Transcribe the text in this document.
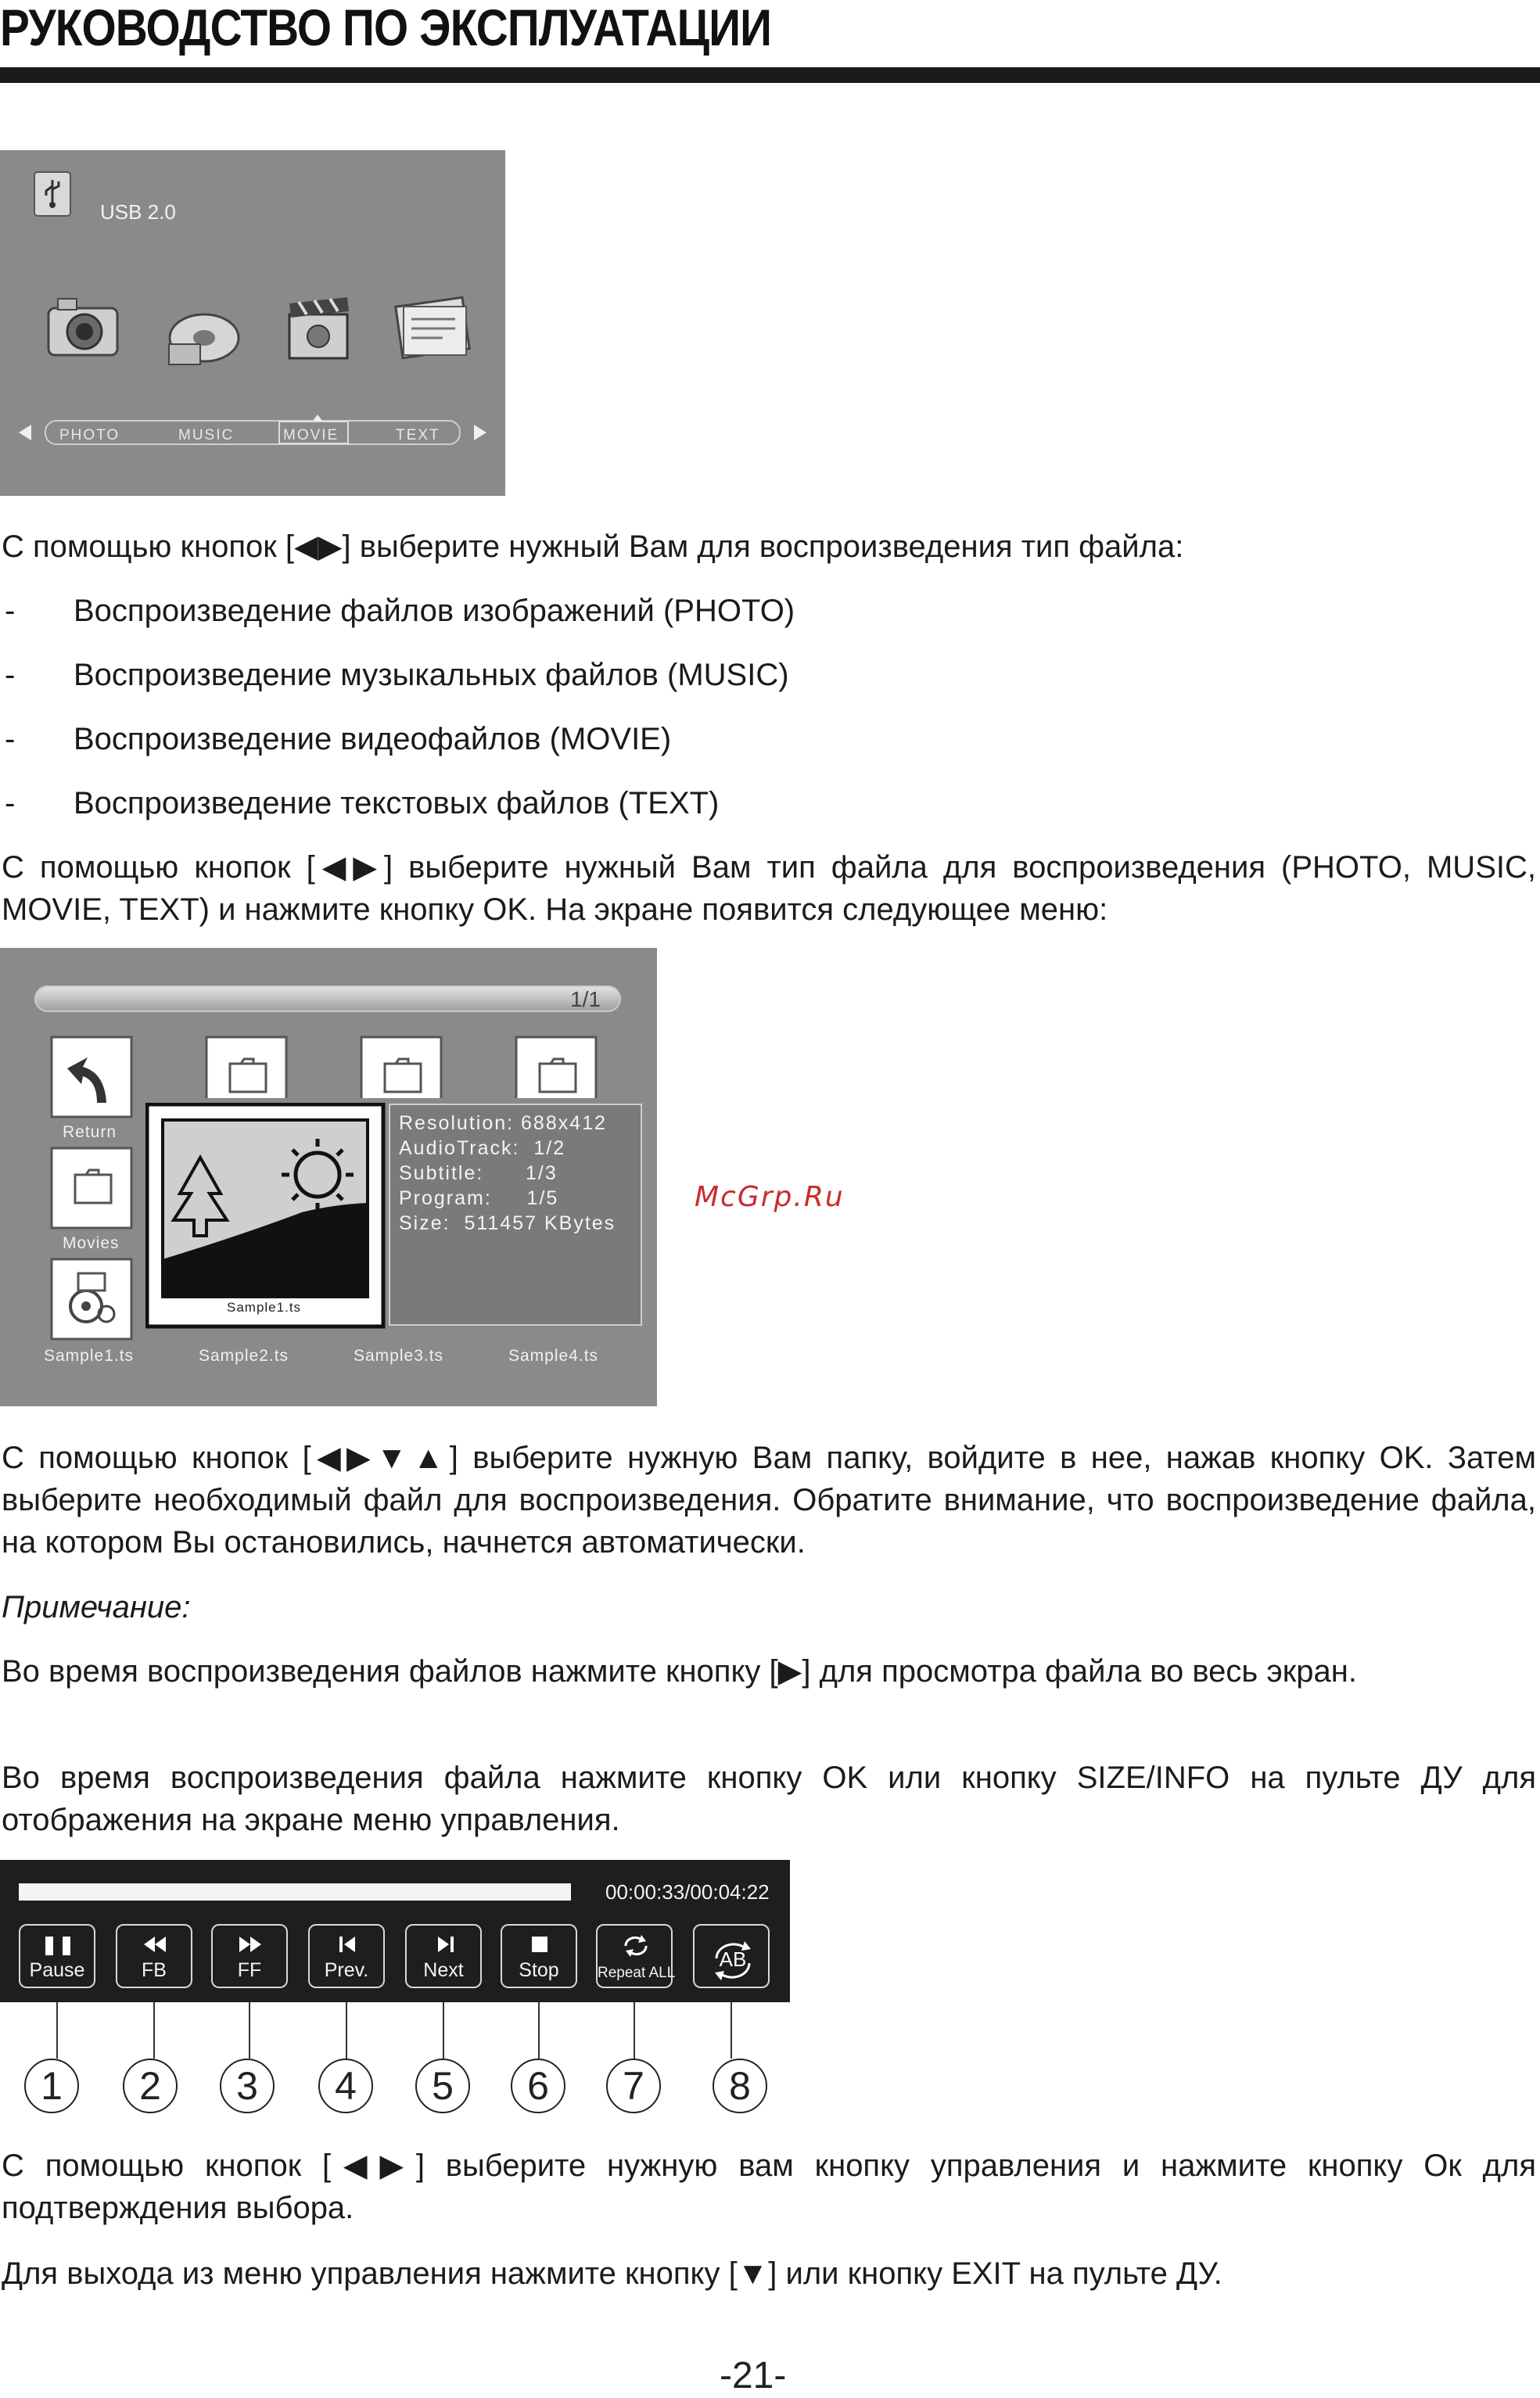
РУКОВОДСТВО ПО ЭКСПЛУАТАЦИИ
USB 2.0
PHOTO	MUSIC	MOVIE	TEXT
С помощью кнопок [◀▶] выберите нужный Вам для воспроизведения тип файла:
- Воспроизведение файлов изображений (PHOTO)
- Воспроизведение музыкальных файлов (MUSIC)
- Воспроизведение видеофайлов (MOVIE)
- Воспроизведение текстовых файлов (TEXT)
С помощью кнопок [◀▶] выберите нужный Вам тип файла для воспроизведения (PHOTO, MUSIC, MOVIE, TEXT) и нажмите кнопку OK. На экране появится следующее меню:
1/1
Return
Movies
Sample1.ts	Sample2.ts	Sample3.ts	Sample4.ts
Resolution: 688x412
AudioTrack:  1/2
Subtitle:      1/3
Program:     1/5
Size:  511457 KBytes
Sample1.ts
McGrp.Ru
С помощью кнопок [◀▶▼▲] выберите нужную Вам папку, войдите в нее, нажав кнопку OK. Затем выберите необходимый файл для воспроизведения. Обратите внимание, что воспроизведение файла, на котором Вы остановились, начнется автоматически.
Примечание:
Во время воспроизведения файлов нажмите кнопку [▶] для просмотра файла во весь экран.
Во время воспроизведения файла нажмите кнопку OK или кнопку SIZE/INFO на пульте ДУ для отображения на экране меню управления.
00:00:33/00:04:22
Pause	FB	FF	Prev.	Next	Stop	Repeat ALL
AB
1	2	3	4	5	6	7	8
С помощью кнопок [◀▶] выберите нужную вам кнопку управления и нажмите кнопку Ок для подтверждения выбора.
Для выхода из меню управления нажмите кнопку [▼] или кнопку EXIT на пульте ДУ.
-21-
